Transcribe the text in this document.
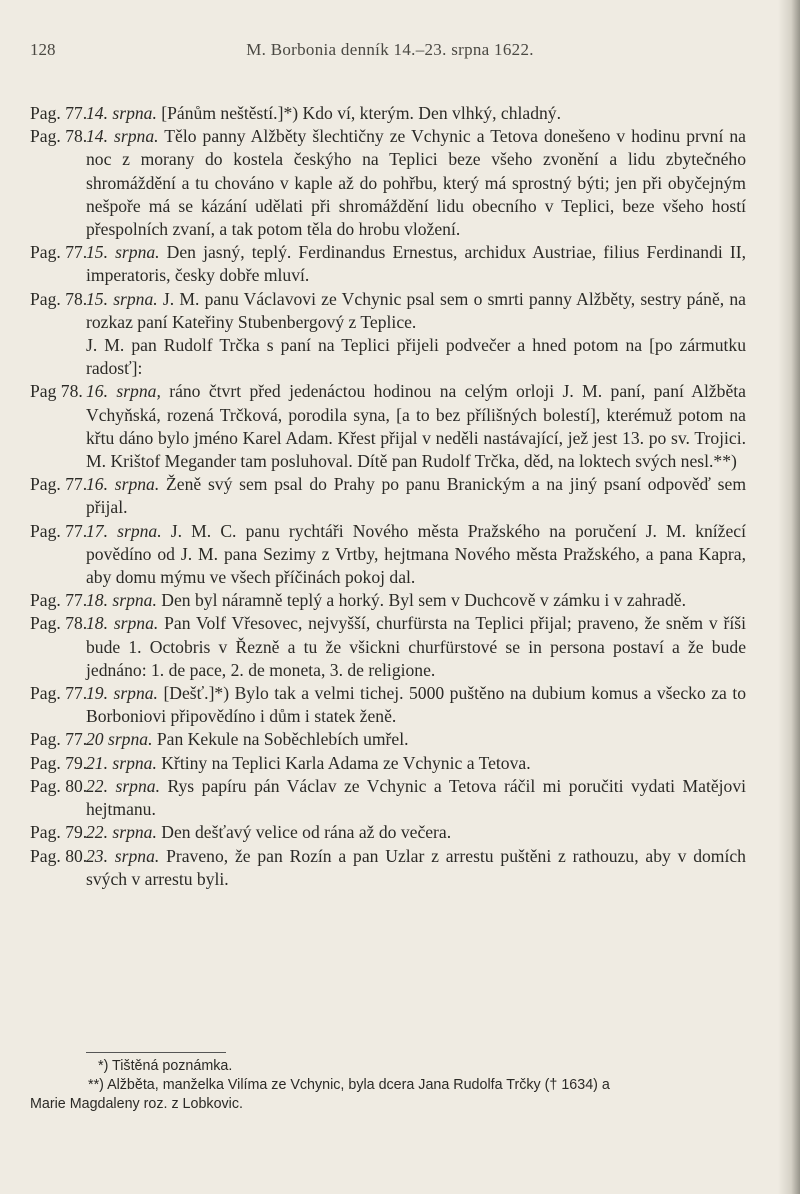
128	M. Borbonia denník 14.–23. srpna 1622.

Pag. 77.
14. srpna. [Pánům neštěstí.]*) Kdo ví, kterým. Den vlhký, chladný.

Pag. 78.
14. srpna. Tělo panny Alžběty šlechtičny ze Vchynic a Tetova donešeno v hodinu první na noc z morany do kostela českýho na Teplici beze všeho zvonění a lidu zbytečného shromáždění a tu chováno v kaple až do pohřbu, který má sprostný býti; jen při obyčejným nešpoře má se kázání udělati při shromáždění lidu obecního v Teplici, beze všeho hostí přespolních zvaní, a tak potom těla do hrobu vložení.

Pag. 77.
15. srpna. Den jasný, teplý. Ferdinandus Ernestus, archidux Austriae, filius Ferdinandi II, imperatoris, česky dobře mluví.

Pag. 78.
15. srpna. J. M. panu Václavovi ze Vchynic psal sem o smrti panny Alžběty, sestry páně, na rozkaz paní Kateřiny Stubenbergový z Teplice.

J. M. pan Rudolf Trčka s paní na Teplici přijeli podvečer a hned potom na [po zármutku radosť]:

Pag 78. 16. srpna, ráno čtvrt před jedenáctou hodinou na celým orloji J. M. paní, paní Alžběta Vchyňská, rozená Trčková, porodila syna, [a to bez přílišných bolestí], kterémuž potom na křtu dáno bylo jméno Karel Adam. Křest přijal v neděli nastávající, jež jest 13. po sv. Trojici. M. Krištof Megander tam posluhoval. Dítě pan Rudolf Trčka, děd, na loktech svých nesl.**)

Pag. 77.
16. srpna. Ženě svý sem psal do Prahy po panu Branickým a na jiný psaní odpověď sem přijal.

Pag. 77.
17. srpna. J. M. C. panu rychtáři Nového města Pražského na poručení J. M. knížecí povědíno od J. M. pana Sezimy z Vrtby, hejtmana Nového města Pražského, a pana Kapra, aby domu mýmu ve všech příčinách pokoj dal.

Pag. 77.
18. srpna. Den byl náramně teplý a horký. Byl sem v Duchcově v zámku i v zahradě.

Pag. 78.
18. srpna. Pan Volf Vřesovec, nejvyšší, churfürsta na Teplici přijal; praveno, že sněm v říši bude 1. Octobris v Řezně a tu že všickni churfürstové se in persona postaví a že bude jednáno: 1. de pace, 2. de moneta, 3. de religione.

Pag. 77.
19. srpna. [Dešť.]*) Bylo tak a velmi tichej. 5000 puštěno na dubium komus a všecko za to Borboniovi připovědíno i dům i statek ženě.

Pag. 77.
20 srpna. Pan Kekule na Soběchlebích umřel.

Pag. 79.
21. srpna. Křtiny na Teplici Karla Adama ze Vchynic a Tetova.

Pag. 80.
22. srpna. Rys papíru pán Václav ze Vchynic a Tetova ráčil mi poručiti vydati Matějovi hejtmanu.

Pag. 79.
22. srpna. Den dešťavý velice od rána až do večera.

Pag. 80.
23. srpna. Praveno, že pan Rozín a pan Uzlar z arrestu puštěni z rathouzu, aby v domích svých v arrestu byli.

*) Tištěná poznámka.
**) Alžběta, manželka Vilíma ze Vchynic, byla dcera Jana Rudolfa Trčky († 1634) a
Marie Magdaleny roz. z Lobkovic.
